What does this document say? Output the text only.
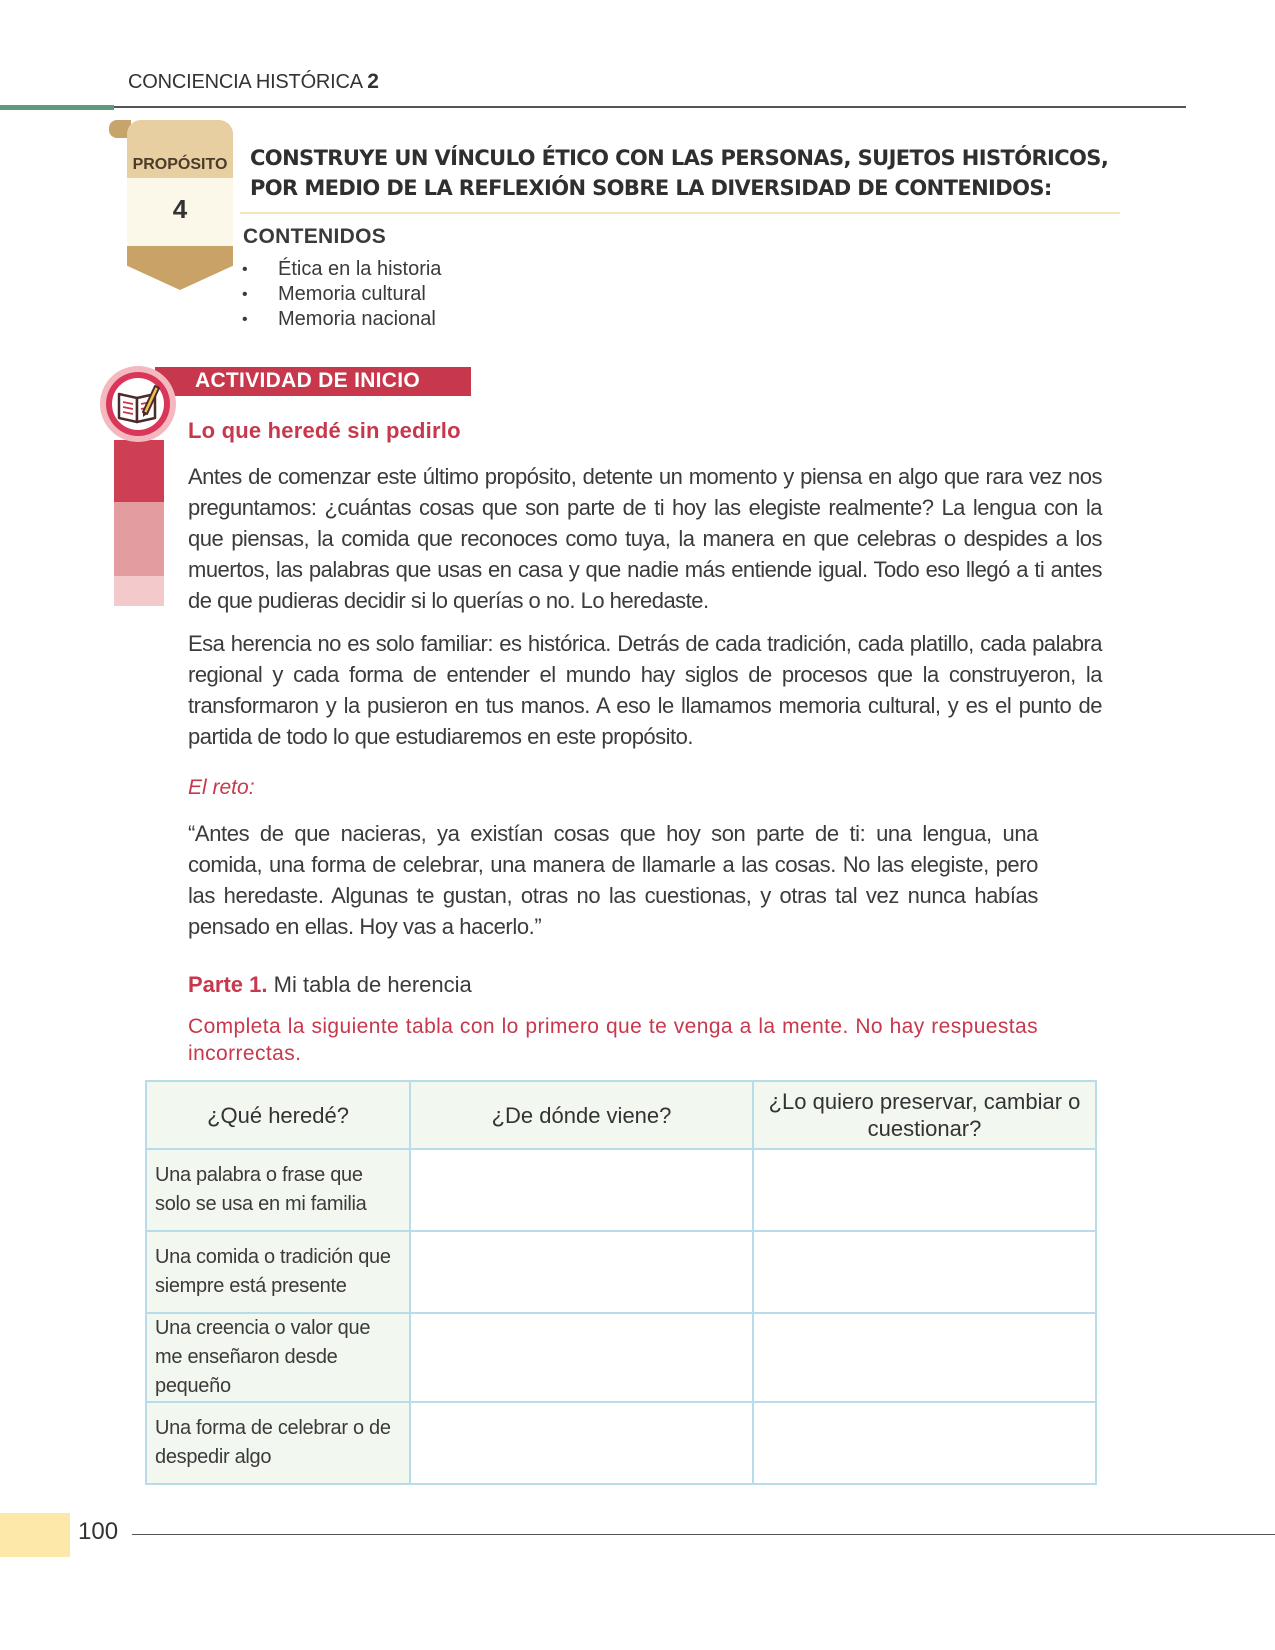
CONCIENCIA HISTÓRICA 2
PROPÓSITO
4
CONSTRUYE UN VÍNCULO ÉTICO CON LAS PERSONAS, SUJETOS HISTÓRICOS, POR MEDIO DE LA REFLEXIÓN SOBRE LA DIVERSIDAD DE CONTENIDOS:
CONTENIDOS
• Ética en la historia
• Memoria cultural
• Memoria nacional
ACTIVIDAD DE INICIO
Lo que heredé sin pedirlo

Antes de comenzar este último propósito, detente un momento y piensa en algo que rara vez nos preguntamos: ¿cuántas cosas que son parte de ti hoy las elegiste realmente? La lengua con la que piensas, la comida que reconoces como tuya, la manera en que celebras o despides a los muertos, las palabras que usas en casa y que nadie más entiende igual. Todo eso llegó a ti antes de que pudieras decidir si lo querías o no. Lo heredaste.

Esa herencia no es solo familiar: es histórica. Detrás de cada tradición, cada platillo, cada palabra regional y cada forma de entender el mundo hay siglos de procesos que la construyeron, la transformaron y la pusieron en tus manos. A eso le llamamos memoria cultural, y es el punto de partida de todo lo que estudiaremos en este propósito.

El reto:

“Antes de que nacieras, ya existían cosas que hoy son parte de ti: una lengua, una comida, una forma de celebrar, una manera de llamarle a las cosas. No las elegiste, pero las heredaste. Algunas te gustan, otras no las cuestionas, y otras tal vez nunca habías pensado en ellas. Hoy vas a hacerlo.”

Parte 1. Mi tabla de herencia
Completa la siguiente tabla con lo primero que te venga a la mente. No hay respuestas incorrectas.
¿Qué heredé?	¿De dónde viene?	¿Lo quiero preservar, cambiar o cuestionar?
Una palabra o frase que solo se usa en mi familia		
Una comida o tradición que siempre está presente		
Una creencia o valor que me enseñaron desde pequeño		
Una forma de celebrar o de despedir algo		
100
